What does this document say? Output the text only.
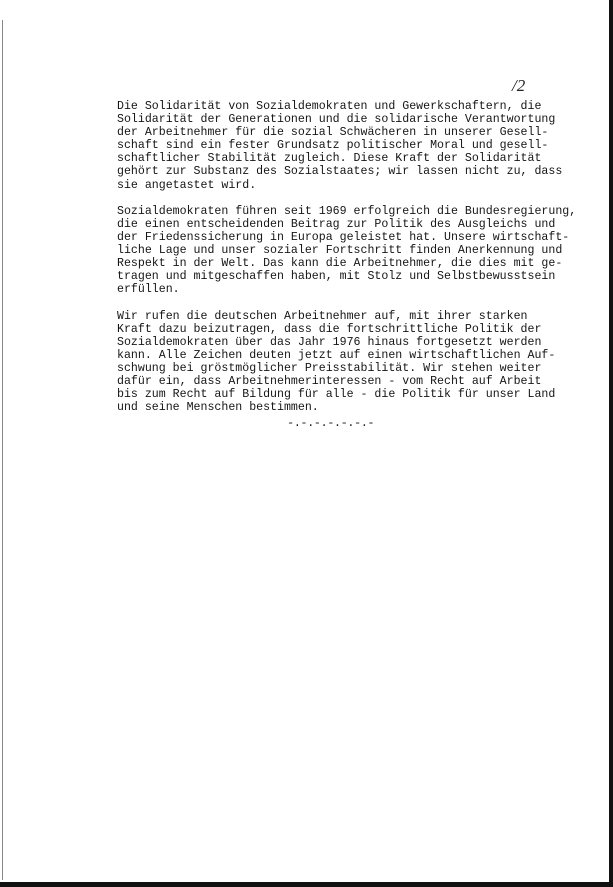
/2

Die Solidarität von Sozialdemokraten und Gewerkschaftern, die
Solidarität der Generationen und die solidarische Verantwortung
der Arbeitnehmer für die sozial Schwächeren in unserer Gesell-
schaft sind ein fester Grundsatz politischer Moral und gesell-
schaftlicher Stabilität zugleich. Diese Kraft der Solidarität
gehört zur Substanz des Sozialstaates; wir lassen nicht zu, dass
sie angetastet wird.

Sozialdemokraten führen seit 1969 erfolgreich die Bundesregierung,
die einen entscheidenden Beitrag zur Politik des Ausgleichs und
der Friedenssicherung in Europa geleistet hat. Unsere wirtschaft-
liche Lage und unser sozialer Fortschritt finden Anerkennung und
Respekt in der Welt. Das kann die Arbeitnehmer, die dies mit ge-
tragen und mitgeschaffen haben, mit Stolz und Selbstbewusstsein
erfüllen.

Wir rufen die deutschen Arbeitnehmer auf, mit ihrer starken
Kraft dazu beizutragen, dass die fortschrittliche Politik der
Sozialdemokraten über das Jahr 1976 hinaus fortgesetzt werden
kann. Alle Zeichen deuten jetzt auf einen wirtschaftlichen Auf-
schwung bei gröstmöglicher Preisstabilität. Wir stehen weiter
dafür ein, dass Arbeitnehmerinteressen - vom Recht auf Arbeit
bis zum Recht auf Bildung für alle - die Politik für unser Land
und seine Menschen bestimmen.

-.-.-.-.-.-.-
